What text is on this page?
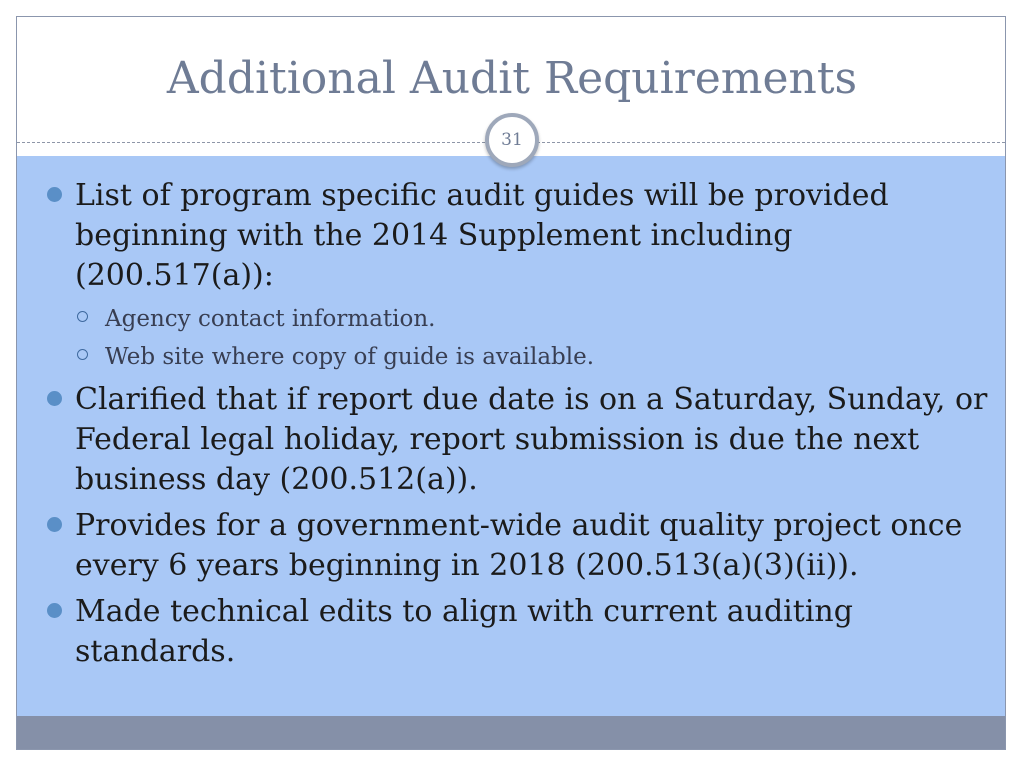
Additional Audit Requirements
31
List of program specific audit guides will be provided beginning with the 2014 Supplement including (200.517(a)):
Agency contact information.
Web site where copy of guide is available.
Clarified that if report due date is on a Saturday, Sunday, or Federal legal holiday, report submission is due the next business day (200.512(a)).
Provides for a government-wide audit quality project once every 6 years beginning in 2018 (200.513(a)(3)(ii)).
Made technical edits to align with current auditing standards.
